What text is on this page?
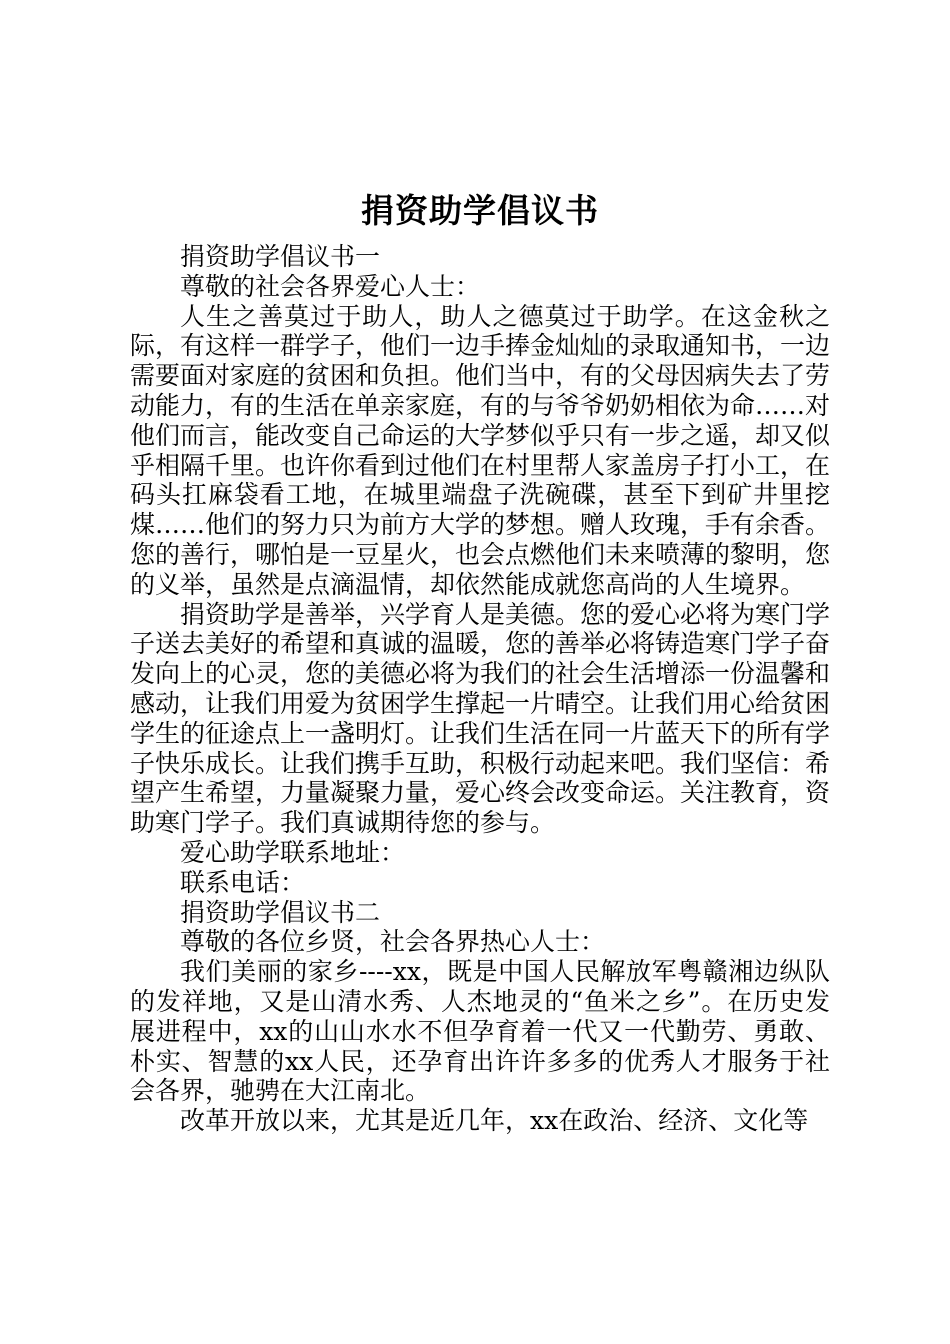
捐资助学倡议书

捐资助学倡议书一

尊敬的社会各界爱心人士：

人生之善莫过于助人，助人之德莫过于助学。在这金秋之际，有这样一群学子，他们一边手捧金灿灿的录取通知书，一边需要面对家庭的贫困和负担。他们当中，有的父母因病失去了劳动能力，有的生活在单亲家庭，有的与爷爷奶奶相依为命……对他们而言，能改变自己命运的大学梦似乎只有一步之遥，却又似乎相隔千里。也许你看到过他们在村里帮人家盖房子打小工，在码头扛麻袋看工地，在城里端盘子洗碗碟，甚至下到矿井里挖煤……他们的努力只为前方大学的梦想。赠人玫瑰，手有余香。您的善行，哪怕是一豆星火，也会点燃他们未来喷薄的黎明，您的义举，虽然是点滴温情，却依然能成就您高尚的人生境界。

捐资助学是善举，兴学育人是美德。您的爱心必将为寒门学子送去美好的希望和真诚的温暖，您的善举必将铸造寒门学子奋发向上的心灵，您的美德必将为我们的社会生活增添一份温馨和感动，让我们用爱为贫困学生撑起一片晴空。让我们用心给贫困学生的征途点上一盏明灯。让我们生活在同一片蓝天下的所有学子快乐成长。让我们携手互助，积极行动起来吧。我们坚信：希望产生希望，力量凝聚力量，爱心终会改变命运。关注教育，资助寒门学子。我们真诚期待您的参与。

爱心助学联系地址：

联系电话：

捐资助学倡议书二

尊敬的各位乡贤，社会各界热心人士：

我们美丽的家乡----xx，既是中国人民解放军粤赣湘边纵队的发祥地，又是山清水秀、人杰地灵的“鱼米之乡”。在历史发展进程中，xx的山山水水不但孕育着一代又一代勤劳、勇敢、朴实、智慧的xx人民，还孕育出许许多多的优秀人才服务于社会各界，驰骋在大江南北。

改革开放以来，尤其是近几年，xx在政治、经济、文化等
